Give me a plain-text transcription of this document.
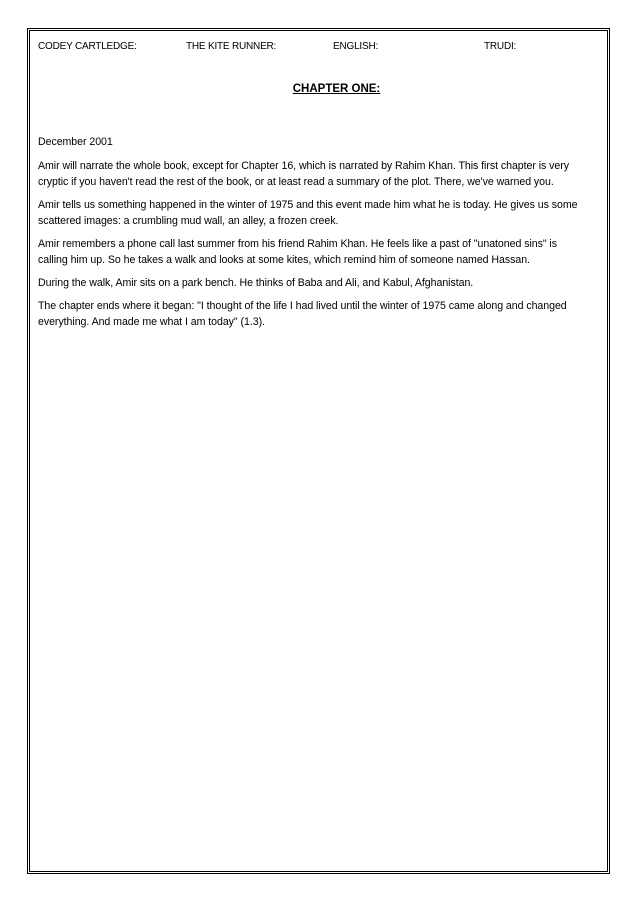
CODEY CARTLEDGE:	THE KITE RUNNER:	ENGLISH:	TRUDI:
CHAPTER ONE:

December 2001

Amir will narrate the whole book, except for Chapter 16, which is narrated by Rahim Khan. This first chapter is very cryptic if you haven't read the rest of the book, or at least read a summary of the plot. There, we've warned you.

Amir tells us something happened in the winter of 1975 and this event made him what he is today. He gives us some scattered images: a crumbling mud wall, an alley, a frozen creek.

Amir remembers a phone call last summer from his friend Rahim Khan. He feels like a past of "unatoned sins" is calling him up. So he takes a walk and looks at some kites, which remind him of someone named Hassan.

During the walk, Amir sits on a park bench. He thinks of Baba and Ali, and Kabul, Afghanistan.

The chapter ends where it began: "I thought of the life I had lived until the winter of 1975 came along and changed everything. And made me what I am today" (1.3).
